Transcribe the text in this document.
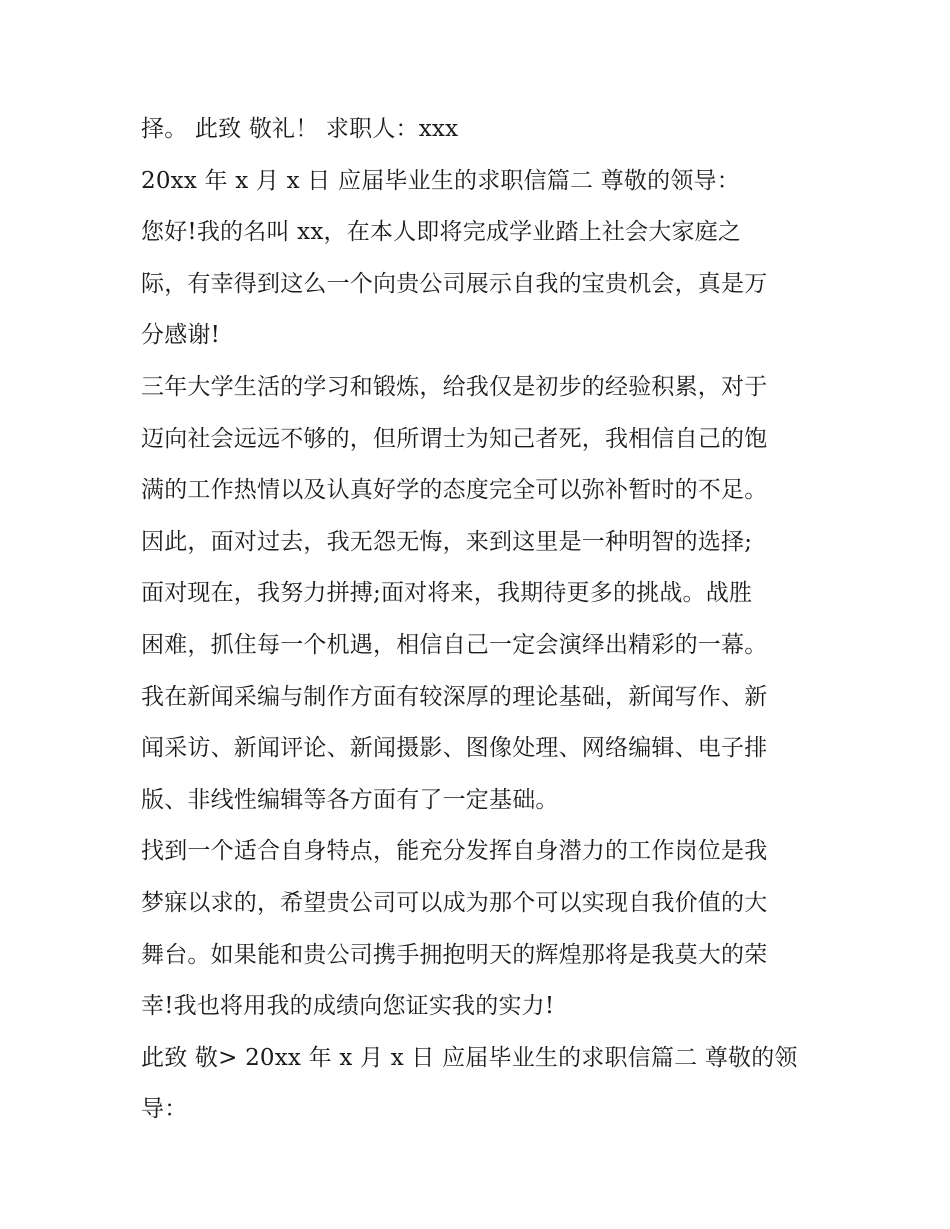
择。 此致 敬礼！ 求职人：xxx
20xx 年 x 月 x 日 应届毕业生的求职信篇二 尊敬的领导：
您好!我的名叫 xx，在本人即将完成学业踏上社会大家庭之
际，有幸得到这么一个向贵公司展示自我的宝贵机会，真是万
分感谢!
三年大学生活的学习和锻炼，给我仅是初步的经验积累，对于
迈向社会远远不够的，但所谓士为知己者死，我相信自己的饱
满的工作热情以及认真好学的态度完全可以弥补暂时的不足。
因此，面对过去，我无怨无悔，来到这里是一种明智的选择;
面对现在，我努力拼搏;面对将来，我期待更多的挑战。战胜
困难，抓住每一个机遇，相信自己一定会演绎出精彩的一幕。
我在新闻采编与制作方面有较深厚的理论基础，新闻写作、新
闻采访、新闻评论、新闻摄影、图像处理、网络编辑、电子排
版、非线性编辑等各方面有了一定基础。
找到一个适合自身特点，能充分发挥自身潜力的工作岗位是我
梦寐以求的，希望贵公司可以成为那个可以实现自我价值的大
舞台。如果能和贵公司携手拥抱明天的辉煌那将是我莫大的荣
幸!我也将用我的成绩向您证实我的实力!
此致 敬> 20xx 年 x 月 x 日 应届毕业生的求职信篇二 尊敬的领
导：
